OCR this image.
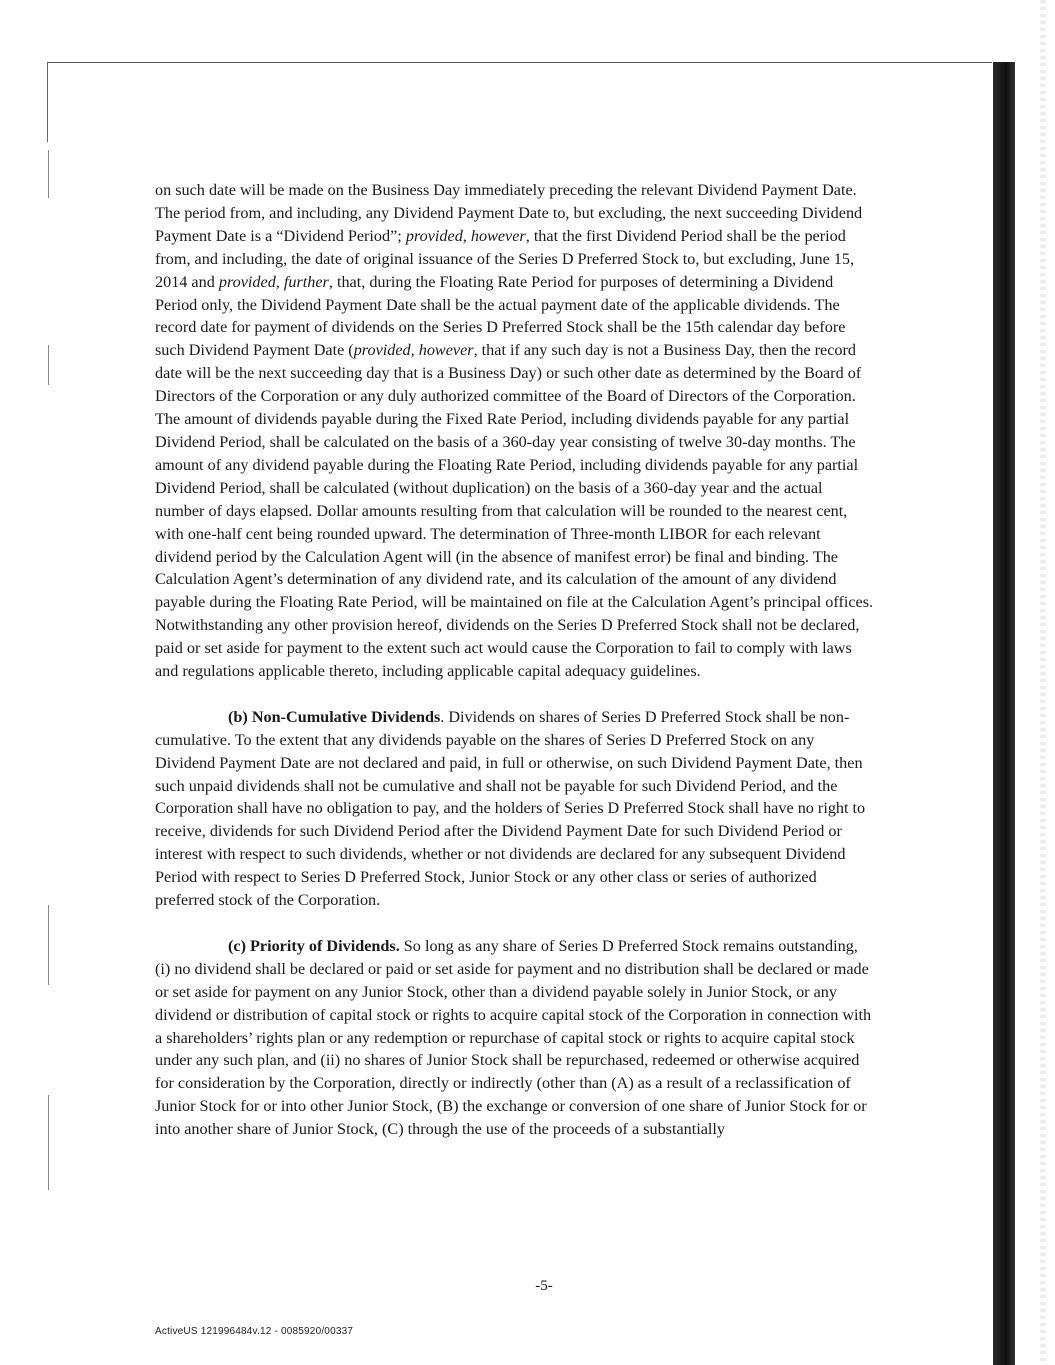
on such date will be made on the Business Day immediately preceding the relevant Dividend Payment Date. The period from, and including, any Dividend Payment Date to, but excluding, the next succeeding Dividend Payment Date is a “Dividend Period”; provided, however, that the first Dividend Period shall be the period from, and including, the date of original issuance of the Series D Preferred Stock to, but excluding, June 15, 2014 and provided, further, that, during the Floating Rate Period for purposes of determining a Dividend Period only, the Dividend Payment Date shall be the actual payment date of the applicable dividends. The record date for payment of dividends on the Series D Preferred Stock shall be the 15th calendar day before such Dividend Payment Date (provided, however, that if any such day is not a Business Day, then the record date will be the next succeeding day that is a Business Day) or such other date as determined by the Board of Directors of the Corporation or any duly authorized committee of the Board of Directors of the Corporation. The amount of dividends payable during the Fixed Rate Period, including dividends payable for any partial Dividend Period, shall be calculated on the basis of a 360-day year consisting of twelve 30-day months. The amount of any dividend payable during the Floating Rate Period, including dividends payable for any partial Dividend Period, shall be calculated (without duplication) on the basis of a 360-day year and the actual number of days elapsed. Dollar amounts resulting from that calculation will be rounded to the nearest cent, with one-half cent being rounded upward. The determination of Three-month LIBOR for each relevant dividend period by the Calculation Agent will (in the absence of manifest error) be final and binding. The Calculation Agent’s determination of any dividend rate, and its calculation of the amount of any dividend payable during the Floating Rate Period, will be maintained on file at the Calculation Agent’s principal offices. Notwithstanding any other provision hereof, dividends on the Series D Preferred Stock shall not be declared, paid or set aside for payment to the extent such act would cause the Corporation to fail to comply with laws and regulations applicable thereto, including applicable capital adequacy guidelines.

(b) Non-Cumulative Dividends. Dividends on shares of Series D Preferred Stock shall be non-cumulative. To the extent that any dividends payable on the shares of Series D Preferred Stock on any Dividend Payment Date are not declared and paid, in full or otherwise, on such Dividend Payment Date, then such unpaid dividends shall not be cumulative and shall not be payable for such Dividend Period, and the Corporation shall have no obligation to pay, and the holders of Series D Preferred Stock shall have no right to receive, dividends for such Dividend Period after the Dividend Payment Date for such Dividend Period or interest with respect to such dividends, whether or not dividends are declared for any subsequent Dividend Period with respect to Series D Preferred Stock, Junior Stock or any other class or series of authorized preferred stock of the Corporation.

(c) Priority of Dividends. So long as any share of Series D Preferred Stock remains outstanding, (i) no dividend shall be declared or paid or set aside for payment and no distribution shall be declared or made or set aside for payment on any Junior Stock, other than a dividend payable solely in Junior Stock, or any dividend or distribution of capital stock or rights to acquire capital stock of the Corporation in connection with a shareholders’ rights plan or any redemption or repurchase of capital stock or rights to acquire capital stock under any such plan, and (ii) no shares of Junior Stock shall be repurchased, redeemed or otherwise acquired for consideration by the Corporation, directly or indirectly (other than (A) as a result of a reclassification of Junior Stock for or into other Junior Stock, (B) the exchange or conversion of one share of Junior Stock for or into another share of Junior Stock, (C) through the use of the proceeds of a substantially

-5-
ActiveUS 121996484v.12 - 0085920/00337
